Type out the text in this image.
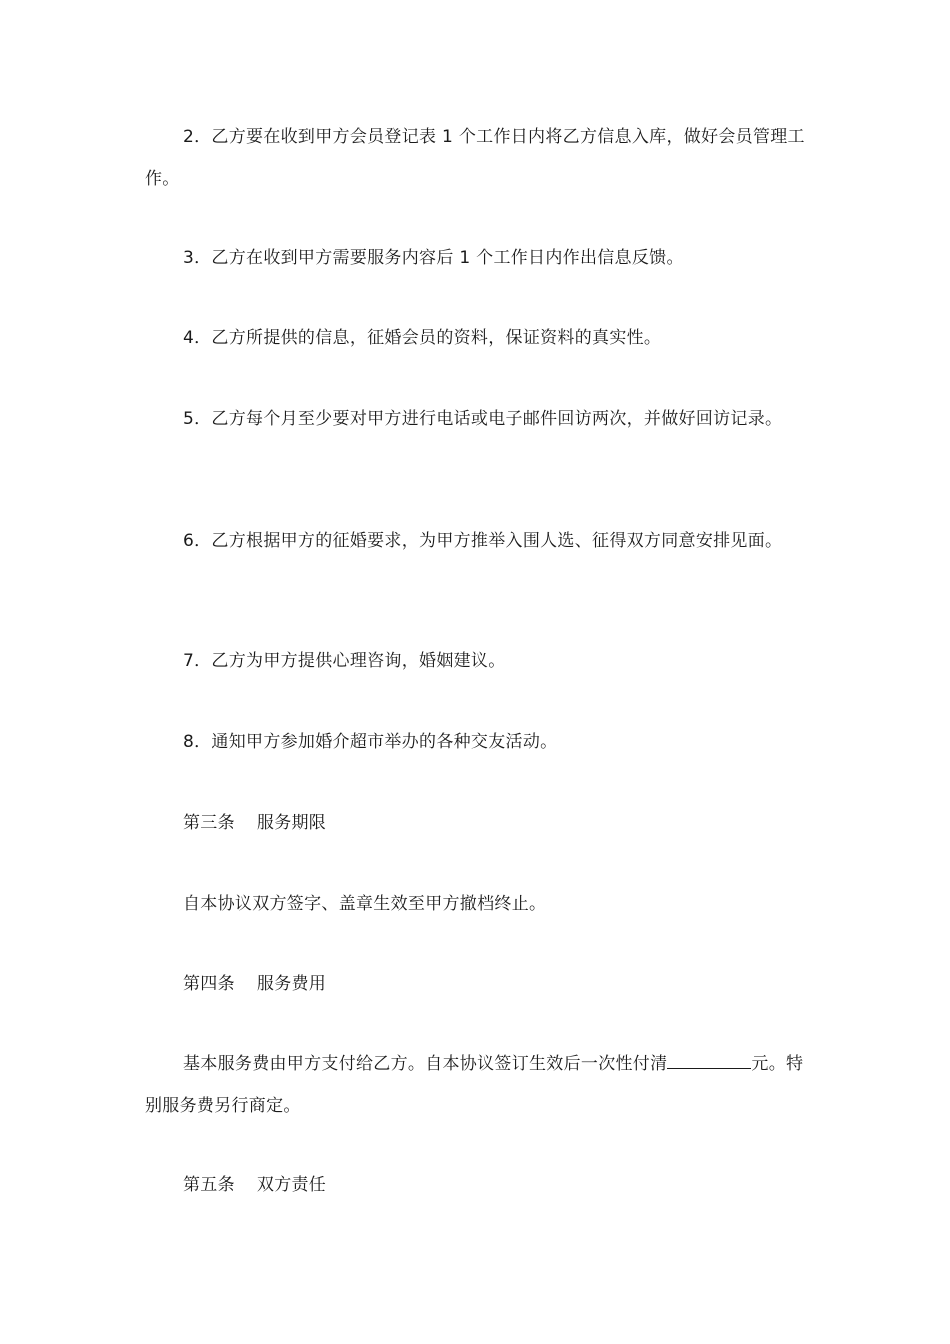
2．乙方要在收到甲方会员登记表 1 个工作日内将乙方信息入库，做好会员管理工作。

3．乙方在收到甲方需要服务内容后 1 个工作日内作出信息反馈。

4．乙方所提供的信息，征婚会员的资料，保证资料的真实性。

5．乙方每个月至少要对甲方进行电话或电子邮件回访两次，并做好回访记录。

6．乙方根据甲方的征婚要求，为甲方推举入围人选、征得双方同意安排见面。

7．乙方为甲方提供心理咨询，婚姻建议。

8．通知甲方参加婚介超市举办的各种交友活动。

第三条 服务期限

自本协议双方签字、盖章生效至甲方撤档终止。

第四条 服务费用

基本服务费由甲方支付给乙方。自本协议签订生效后一次性付清	元。特别服务费另行商定。

第五条 双方责任
